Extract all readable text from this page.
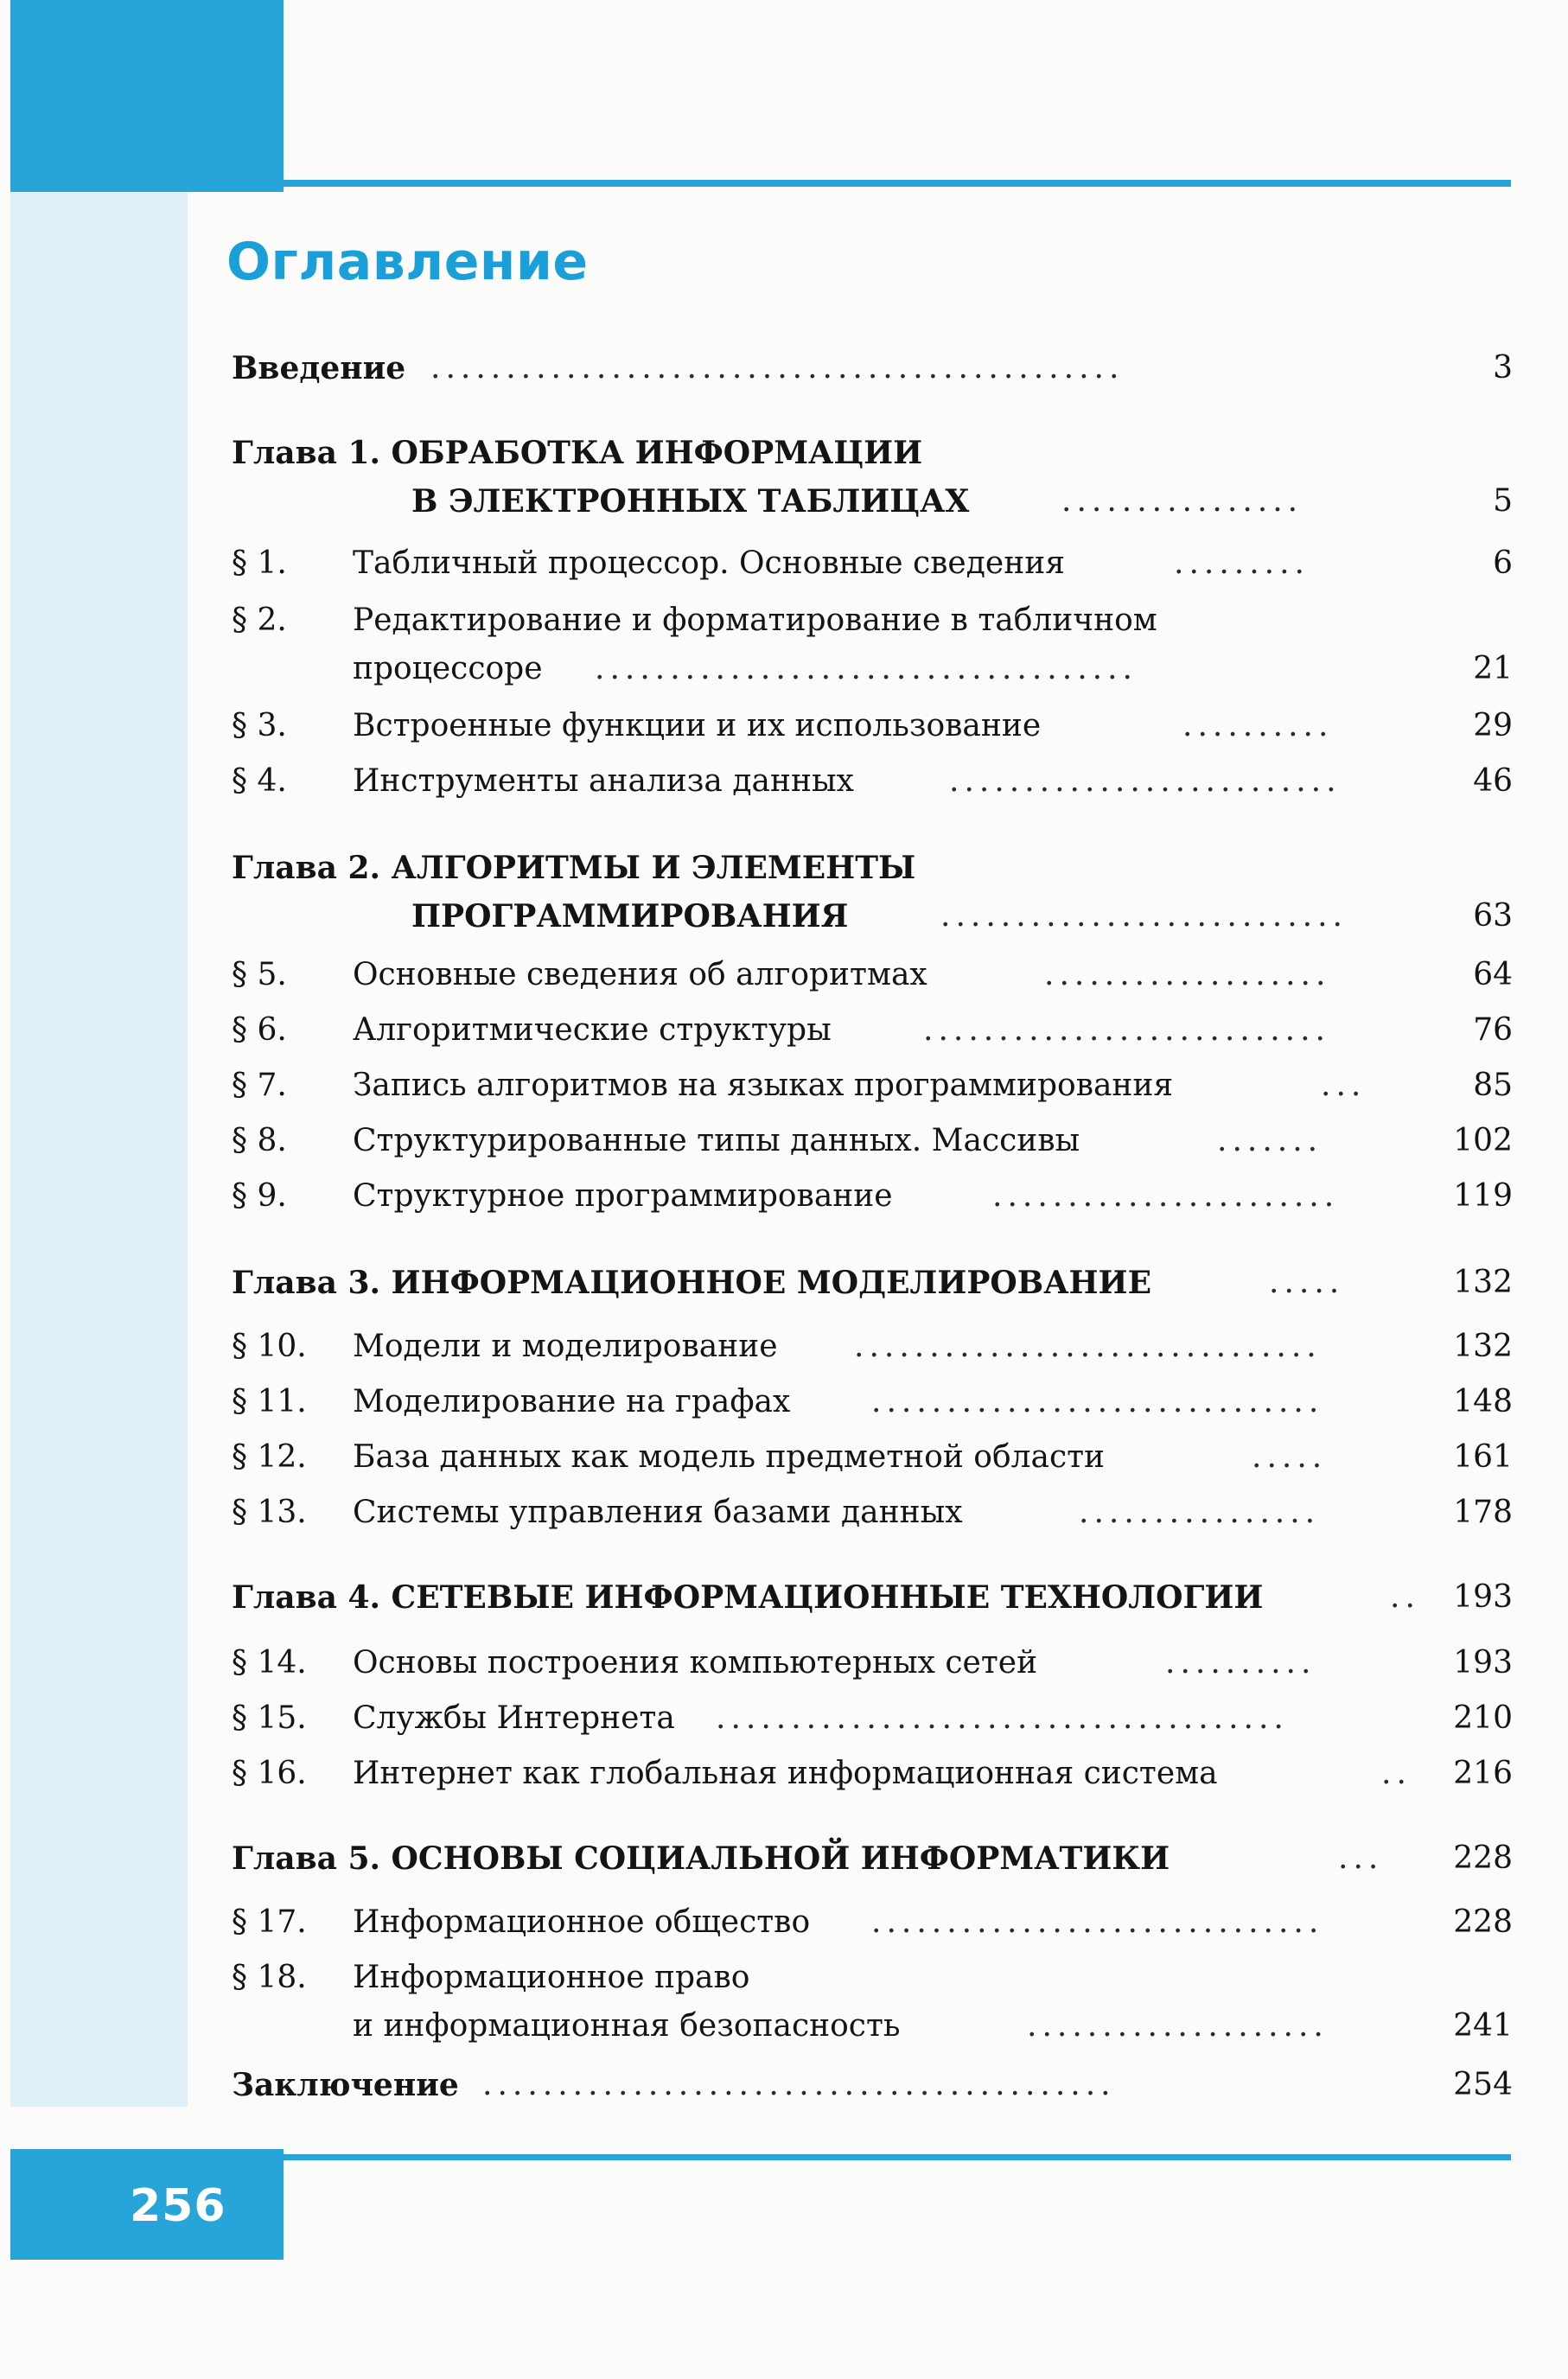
Оглавление
Введение ..............................................	3
Глава 1. ОБРАБОТКА ИНФОРМАЦИИ
В ЭЛЕКТРОННЫХ ТАБЛИЦАХ	................	5
§ 1. Табличный процессор. Основные сведения	.........	6
§ 2. Редактирование и форматирование в табличном
процессоре ....................................	21
§ 3. Встроенные функции и их использование	..........	29
§ 4. Инструменты анализа данных	..........................	46
Глава 2. АЛГОРИТМЫ И ЭЛЕМЕНТЫ
ПРОГРАММИРОВАНИЯ	...........................	63
§ 5. Основные сведения об алгоритмах	...................	64
§ 6. Алгоритмические структуры	...........................	76
§ 7. Запись алгоритмов на языках программирования	...	85
§ 8. Структурированные типы данных. Массивы	.......	102
§ 9. Структурное программирование	.......................	119
Глава 3. ИНФОРМАЦИОННОЕ МОДЕЛИРОВАНИЕ	.....	132
§ 10. Модели и моделирование ...............................	132
§ 11. Моделирование на графах	..............................	148
§ 12. База данных как модель предметной области	.....	161
§ 13. Системы управления базами данных	................	178
Глава 4. СЕТЕВЫЕ ИНФОРМАЦИОННЫЕ ТЕХНОЛОГИИ	..	193
§ 14. Основы построения компьютерных сетей	..........	193
§ 15. Службы Интернета ......................................	210
§ 16. Интернет как глобальная информационная система	..	216
Глава 5. ОСНОВЫ СОЦИАЛЬНОЙ ИНФОРМАТИКИ	...	228
§ 17. Информационное общество ..............................	228
§ 18. Информационное право
и информационная безопасность	....................	241
Заключение ..........................................	254
256
